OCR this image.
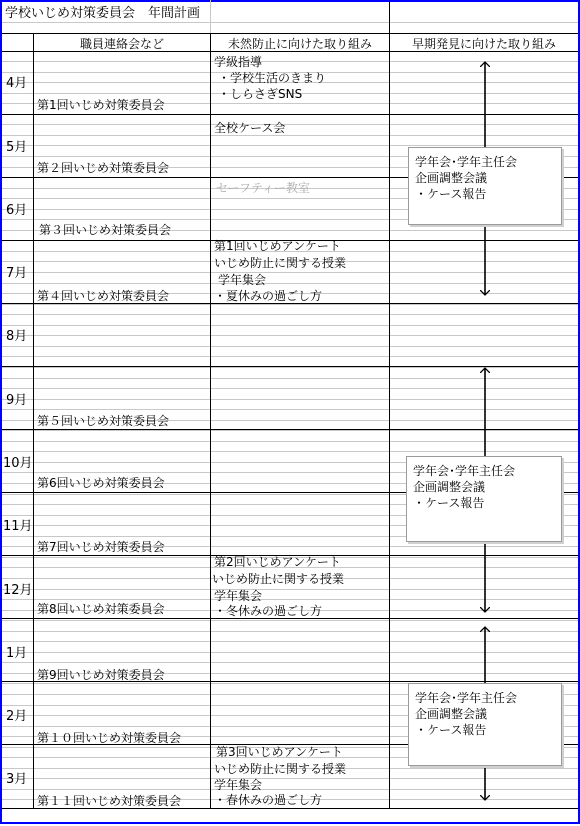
学校いじめ対策委員会　年間計画
職員連絡会など	未然防止に向けた取り組み	早期発見に向けた取り組み
4月
5月
6月
7月
8月
9月
10月
11月
12月
1月
2月
3月
第1回いじめ対策委員会
第２回いじめ対策委員会
第３回いじめ対策委員会
第４回いじめ対策委員会
第５回いじめ対策委員会
第6回いじめ対策委員会
第7回いじめ対策委員会
第8回いじめ対策委員会
第9回いじめ対策委員会
第１０回いじめ対策委員会
第１１回いじめ対策委員会
学級指導
・学校生活のきまり
・しらさぎSNS
全校ケース会
セーフティー教室
第1回いじめアンケート
いじめ防止に関する授業
学年集会
・夏休みの過ごし方
第2回いじめアンケート
いじめ防止に関する授業
学年集会
・冬休みの過ごし方
第3回いじめアンケート
いじめ防止に関する授業
学年集会
・春休みの過ごし方
学年会･学年主任会
企画調整会議
・ケース報告
学年会･学年主任会
企画調整会議
・ケース報告
学年会･学年主任会
企画調整会議
・ケース報告
